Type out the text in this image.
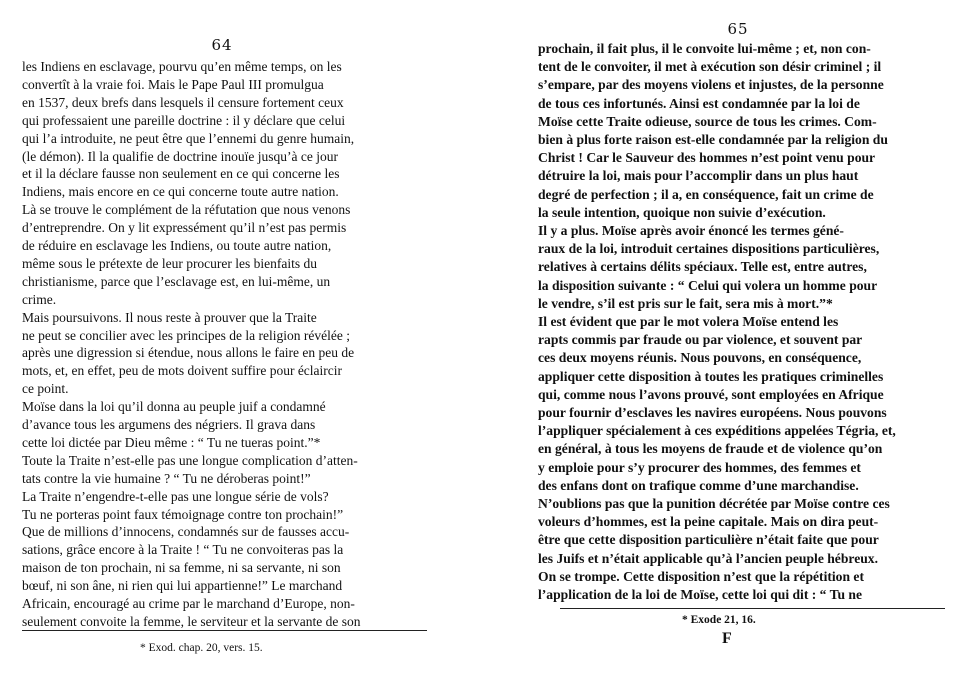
64
les Indiens en esclavage, pourvu qu’en même temps, on les
convertît à la vraie foi. Mais le Pape Paul III promulgua
en 1537, deux brefs dans lesquels il censure fortement ceux
qui professaient une pareille doctrine : il y déclare que celui
qui l’a introduite, ne peut être que l’ennemi du genre humain,
(le démon). Il la qualifie de doctrine inouïe jusqu’à ce jour
et il la déclare fausse non seulement en ce qui concerne les
Indiens, mais encore en ce qui concerne toute autre nation.
Là se trouve le complément de la réfutation que nous venons
d’entreprendre. On y lit expressément qu’il n’est pas permis
de réduire en esclavage les Indiens, ou toute autre nation,
même sous le prétexte de leur procurer les bienfaits du
christianisme, parce que l’esclavage est, en lui-même, un
crime.
Mais poursuivons. Il nous reste à prouver que la Traite
ne peut se concilier avec les principes de la religion révélée ;
après une digression si étendue, nous allons le faire en peu de
mots, et, en effet, peu de mots doivent suffire pour éclaircir
ce point.
Moïse dans la loi qu’il donna au peuple juif a condamné
d’avance tous les argumens des négriers. Il grava dans
cette loi dictée par Dieu même : “ Tu ne tueras point.”*
Toute la Traite n’est-elle pas une longue complication d’atten-
tats contre la vie humaine ? “ Tu ne déroberas point!”
La Traite n’engendre-t-elle pas une longue série de vols?
Tu ne porteras point faux témoignage contre ton prochain!”
Que de millions d’innocens, condamnés sur de fausses accu-
sations, grâce encore à la Traite ! “ Tu ne convoiteras pas la
maison de ton prochain, ni sa femme, ni sa servante, ni son
bœuf, ni son âne, ni rien qui lui appartienne!” Le marchand
Africain, encouragé au crime par le marchand d’Europe, non-
seulement convoite la femme, le serviteur et la servante de son
* Exod. chap. 20, vers. 15.
65
prochain, il fait plus, il le convoite lui-même ; et, non con-
tent de le convoiter, il met à exécution son désir criminel ; il
s’empare, par des moyens violens et injustes, de la personne
de tous ces infortunés. Ainsi est condamnée par la loi de
Moïse cette Traite odieuse, source de tous les crimes. Com-
bien à plus forte raison est-elle condamnée par la religion du
Christ ! Car le Sauveur des hommes n’est point venu pour
détruire la loi, mais pour l’accomplir dans un plus haut
degré de perfection ; il a, en conséquence, fait un crime de
la seule intention, quoique non suivie d’exécution.
Il y a plus. Moïse après avoir énoncé les termes géné-
raux de la loi, introduit certaines dispositions particulières,
relatives à certains délits spéciaux. Telle est, entre autres,
la disposition suivante : “ Celui qui volera un homme pour
le vendre, s’il est pris sur le fait, sera mis à mort.”*
Il est évident que par le mot volera Moïse entend les
rapts commis par fraude ou par violence, et souvent par
ces deux moyens réunis. Nous pouvons, en conséquence,
appliquer cette disposition à toutes les pratiques criminelles
qui, comme nous l’avons prouvé, sont employées en Afrique
pour fournir d’esclaves les navires européens. Nous pouvons
l’appliquer spécialement à ces expéditions appelées Tégria, et,
en général, à tous les moyens de fraude et de violence qu’on
y emploie pour s’y procurer des hommes, des femmes et
des enfans dont on trafique comme d’une marchandise.
N’oublions pas que la punition décrétée par Moïse contre ces
voleurs d’hommes, est la peine capitale. Mais on dira peut-
être que cette disposition particulière n’était faite que pour
les Juifs et n’était applicable qu’à l’ancien peuple hébreux.
On se trompe. Cette disposition n’est que la répétition et
l’application de la loi de Moïse, cette loi qui dit : “ Tu ne
* Exode 21, 16.
F
